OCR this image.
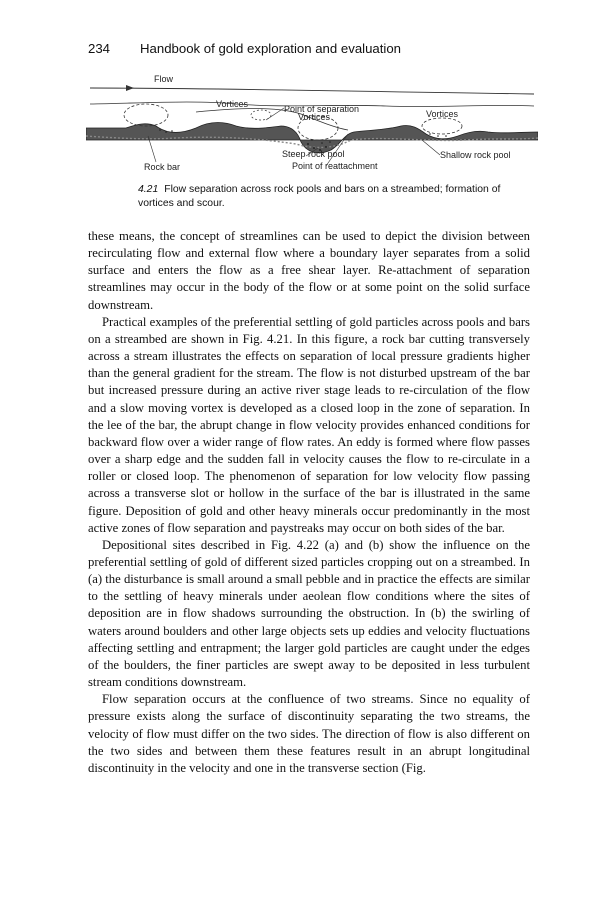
234 Handbook of gold exploration and evaluation
Flow
Vortices	Point of separation
Vortices	Vortices
Steep rock pool	Shallow rock pool
Rock bar	Point of reattachment
4.21 Flow separation across rock pools and bars on a streambed; formation of vortices and scour.

these means, the concept of streamlines can be used to depict the division between recirculating flow and external flow where a boundary layer separates from a solid surface and enters the flow as a free shear layer. Re-attachment of separation streamlines may occur in the body of the flow or at some point on the solid surface downstream.

Practical examples of the preferential settling of gold particles across pools and bars on a streambed are shown in Fig. 4.21. In this figure, a rock bar cutting transversely across a stream illustrates the effects on separation of local pressure gradients higher than the general gradient for the stream. The flow is not disturbed upstream of the bar but increased pressure during an active river stage leads to re-circulation of the flow and a slow moving vortex is developed as a closed loop in the zone of separation. In the lee of the bar, the abrupt change in flow velocity provides enhanced conditions for backward flow over a wider range of flow rates. An eddy is formed where flow passes over a sharp edge and the sudden fall in velocity causes the flow to re-circulate in a roller or closed loop. The phenomenon of separation for low velocity flow passing across a transverse slot or hollow in the surface of the bar is illustrated in the same figure. Deposition of gold and other heavy minerals occur predominantly in the most active zones of flow separation and paystreaks may occur on both sides of the bar.

Depositional sites described in Fig. 4.22 (a) and (b) show the influence on the preferential settling of gold of different sized particles cropping out on a streambed. In (a) the disturbance is small around a small pebble and in practice the effects are similar to the settling of heavy minerals under aeolean flow conditions where the sites of deposition are in flow shadows surrounding the obstruction. In (b) the swirling of waters around boulders and other large objects sets up eddies and velocity fluctuations affecting settling and entrapment; the larger gold particles are caught under the edges of the boulders, the finer particles are swept away to be deposited in less turbulent stream conditions downstream.

Flow separation occurs at the confluence of two streams. Since no equality of pressure exists along the surface of discontinuity separating the two streams, the velocity of flow must differ on the two sides. The direction of flow is also different on the two sides and between them these features result in an abrupt longitudinal discontinuity in the velocity and one in the transverse section (Fig.
